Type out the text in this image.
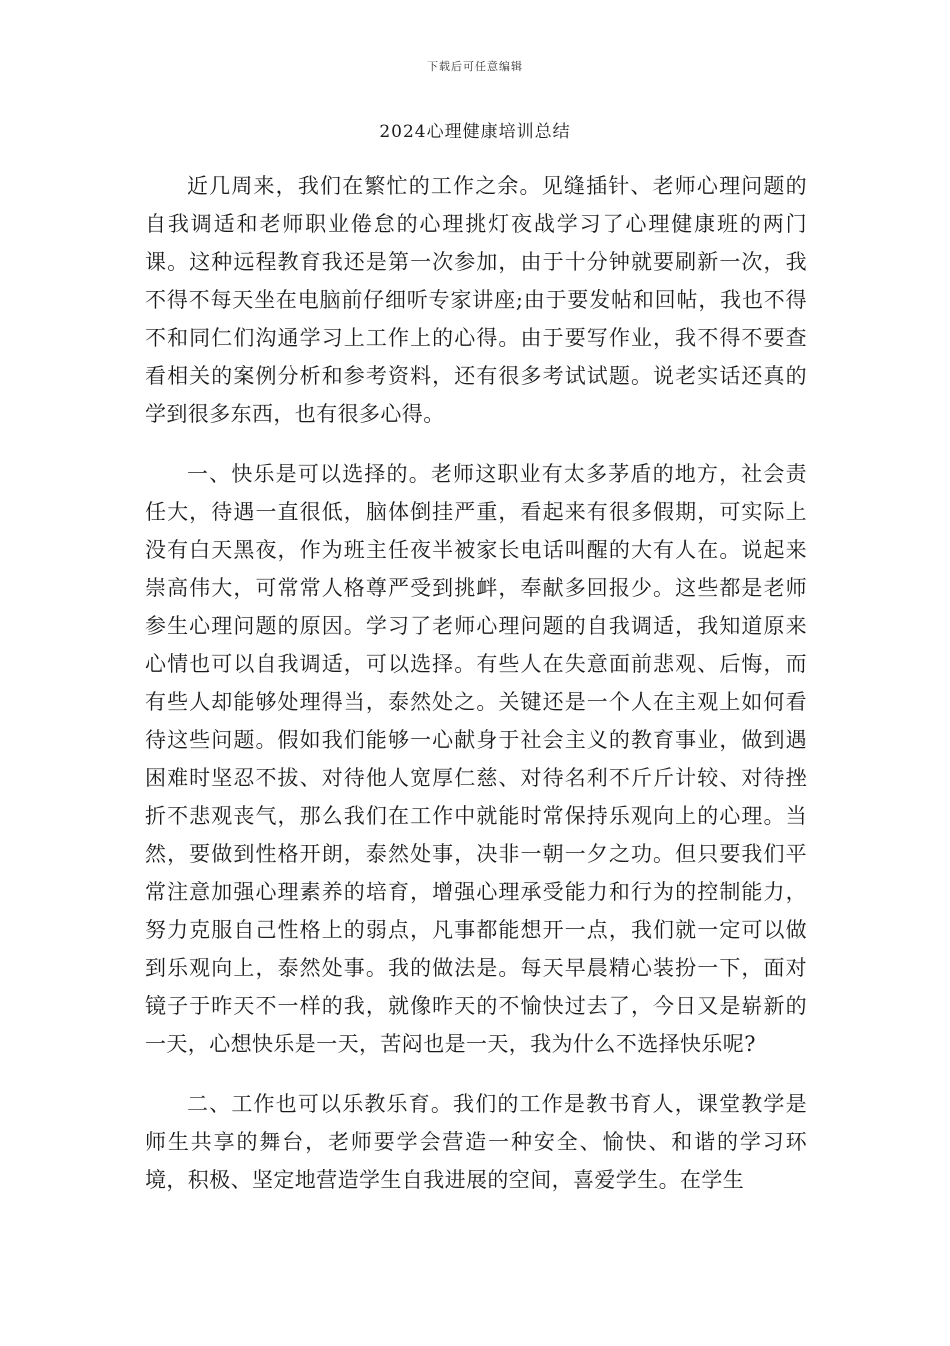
下载后可任意编辑
2024心理健康培训总结

近几周来，我们在繁忙的工作之余。见缝插针、老师心理问题的自我调适和老师职业倦怠的心理挑灯夜战学习了心理健康班的两门课。这种远程教育我还是第一次参加，由于十分钟就要刷新一次，我不得不每天坐在电脑前仔细听专家讲座;由于要发帖和回帖，我也不得不和同仁们沟通学习上工作上的心得。由于要写作业，我不得不要查看相关的案例分析和参考资料，还有很多考试试题。说老实话还真的学到很多东西，也有很多心得。

一、快乐是可以选择的。老师这职业有太多茅盾的地方，社会责任大，待遇一直很低，脑体倒挂严重，看起来有很多假期，可实际上没有白天黑夜，作为班主任夜半被家长电话叫醒的大有人在。说起来崇高伟大，可常常人格尊严受到挑衅，奉献多回报少。这些都是老师参生心理问题的原因。学习了老师心理问题的自我调适，我知道原来心情也可以自我调适，可以选择。有些人在失意面前悲观、后悔，而有些人却能够处理得当，泰然处之。关键还是一个人在主观上如何看待这些问题。假如我们能够一心献身于社会主义的教育事业，做到遇困难时坚忍不拔、对待他人宽厚仁慈、对待名利不斤斤计较、对待挫折不悲观丧气，那么我们在工作中就能时常保持乐观向上的心理。当然，要做到性格开朗，泰然处事，决非一朝一夕之功。但只要我们平常注意加强心理素养的培育，增强心理承受能力和行为的控制能力，努力克服自己性格上的弱点，凡事都能想开一点，我们就一定可以做到乐观向上，泰然处事。我的做法是。每天早晨精心装扮一下，面对镜子于昨天不一样的我，就像昨天的不愉快过去了，今日又是崭新的一天，心想快乐是一天，苦闷也是一天，我为什么不选择快乐呢?

二、工作也可以乐教乐育。我们的工作是教书育人，课堂教学是师生共享的舞台，老师要学会营造一种安全、愉快、和谐的学习环境，积极、坚定地营造学生自我进展的空间，喜爱学生。在学生
